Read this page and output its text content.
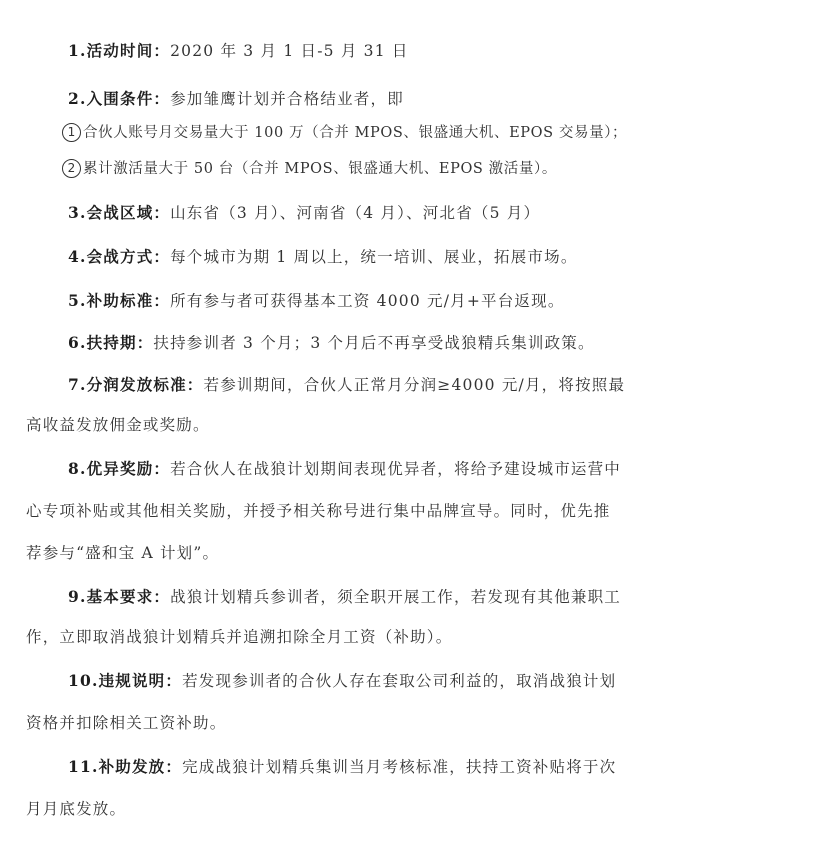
1.活动时间：2020 年 3 月 1 日-5 月 31 日
2.入围条件：参加雏鹰计划并合格结业者，即
1 合伙人账号月交易量大于 100 万（合并 MPOS、银盛通大机、EPOS 交易量）；
2 累计激活量大于 50 台（合并 MPOS、银盛通大机、EPOS 激活量）。
3.会战区域：山东省（3 月）、河南省（4 月）、河北省（5 月）
4.会战方式：每个城市为期 1 周以上，统一培训、展业，拓展市场。
5.补助标准：所有参与者可获得基本工资 4000 元/月+平台返现。
6.扶持期：扶持参训者 3 个月；3 个月后不再享受战狼精兵集训政策。
7.分润发放标准：若参训期间，合伙人正常月分润≥4000 元/月，将按照最
高收益发放佣金或奖励。
8.优异奖励：若合伙人在战狼计划期间表现优异者，将给予建设城市运营中
心专项补贴或其他相关奖励，并授予相关称号进行集中品牌宣导。同时，优先推
荐参与“盛和宝 A 计划”。
9.基本要求：战狼计划精兵参训者，须全职开展工作，若发现有其他兼职工
作，立即取消战狼计划精兵并追溯扣除全月工资（补助）。
10.违规说明：若发现参训者的合伙人存在套取公司利益的，取消战狼计划
资格并扣除相关工资补助。
11.补助发放：完成战狼计划精兵集训当月考核标准，扶持工资补贴将于次
月月底发放。
